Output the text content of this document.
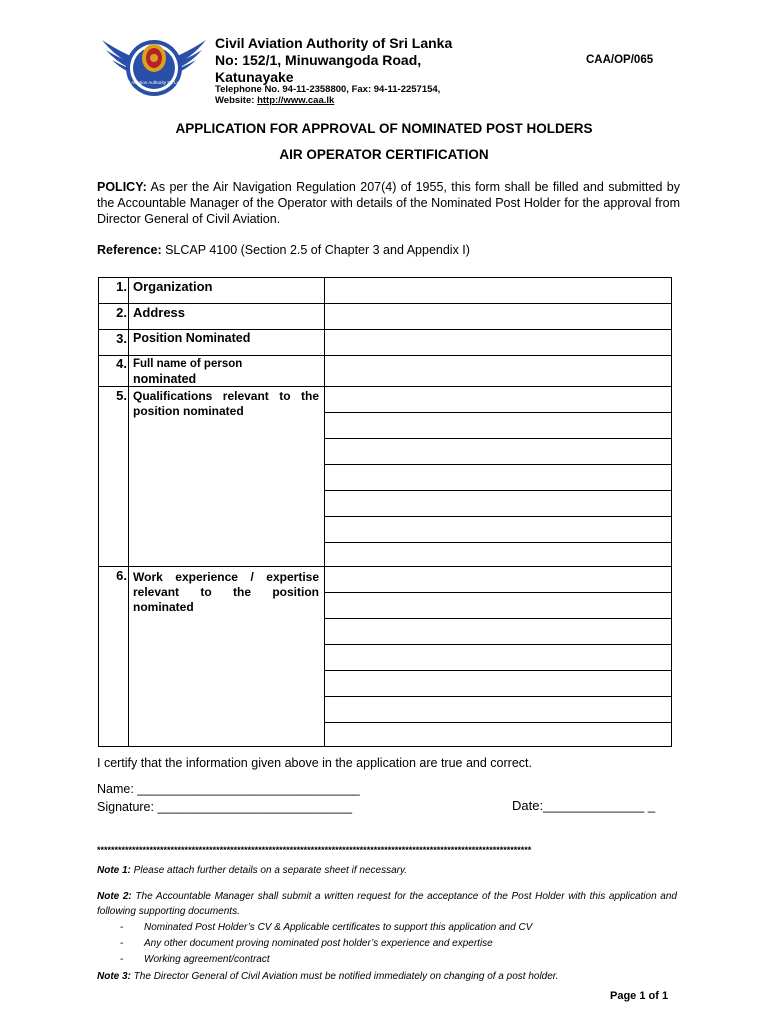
Civil Aviation Authority Sri Lanka
Civil Aviation Authority of Sri Lanka
No: 152/1, Minuwangoda Road,
Katunayake
Telephone No. 94-11-2358800, Fax: 94-11-2257154,
Website: http://www.caa.lk
CAA/OP/065
APPLICATION FOR APPROVAL OF NOMINATED POST HOLDERS
AIR OPERATOR CERTIFICATION
POLICY: As per the Air Navigation Regulation 207(4) of 1955, this form shall be filled and submitted by the Accountable Manager of the Operator with details of the Nominated Post Holder for the approval from Director General of Civil Aviation.
Reference: SLCAP 4100 (Section 2.5 of Chapter 3 and Appendix I)
1. Organization
2. Address
3. Position Nominated
4. Full name of person
nominated
5. Qualifications relevant to the
position nominated
6. Work experience / expertise
relevant to the position
nominated
I certify that the information given above in the application are true and correct.
Name: ________________________________
Signature: ____________________________	Date:______________ _
****************************************************************************************************************************
Note 1: Please attach further details on a separate sheet if necessary.
Note 2: The Accountable Manager shall submit a written request for the acceptance of the Post Holder with this application and following supporting documents.
- Nominated Post Holder’s CV & Applicable certificates to support this application and CV
- Any other document proving nominated post holder’s experience and expertise
- Working agreement/contract
Note 3: The Director General of Civil Aviation must be notified immediately on changing of a post holder.
Page 1 of 1
